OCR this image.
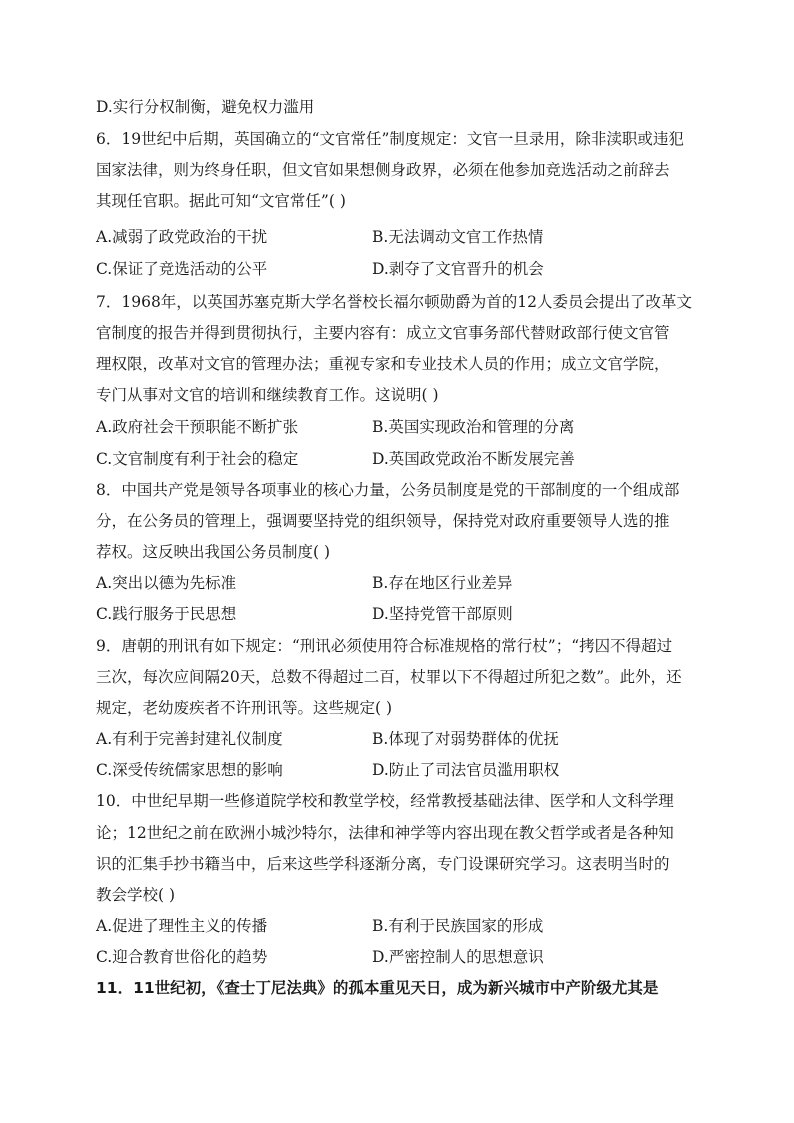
D.实行分权制衡，避免权力滥用
6．19世纪中后期，英国确立的“文官常任”制度规定：文官一旦录用，除非渎职或违犯
国家法律，则为终身任职，但文官如果想侧身政界，必须在他参加竞选活动之前辞去
其现任官职。据此可知“文官常任”( )
A.减弱了政党政治的干扰	B.无法调动文官工作热情
C.保证了竞选活动的公平	D.剥夺了文官晋升的机会
7．1968年，以英国苏塞克斯大学名誉校长福尔顿勋爵为首的12人委员会提出了改革文
官制度的报告并得到贯彻执行，主要内容有：成立文官事务部代替财政部行使文官管
理权限，改革对文官的管理办法；重视专家和专业技术人员的作用；成立文官学院，
专门从事对文官的培训和继续教育工作。这说明( )
A.政府社会干预职能不断扩张	B.英国实现政治和管理的分离
C.文官制度有利于社会的稳定	D.英国政党政治不断发展完善
8．中国共产党是领导各项事业的核心力量，公务员制度是党的干部制度的一个组成部
分，在公务员的管理上，强调要坚持党的组织领导，保持党对政府重要领导人选的推
荐权。这反映出我国公务员制度( )
A.突出以德为先标准	B.存在地区行业差异
C.践行服务于民思想	D.坚持党管干部原则
9．唐朝的刑讯有如下规定：“刑讯必须使用符合标准规格的常行杖”；“拷囚不得超过
三次，每次应间隔20天，总数不得超过二百，杖罪以下不得超过所犯之数”。此外，还
规定，老幼废疾者不许刑讯等。这些规定( )
A.有利于完善封建礼仪制度	B.体现了对弱势群体的优抚
C.深受传统儒家思想的影响	D.防止了司法官员滥用职权
10．中世纪早期一些修道院学校和教堂学校，经常教授基础法律、医学和人文科学理
论；12世纪之前在欧洲小城沙特尔，法律和神学等内容出现在教父哲学或者是各种知
识的汇集手抄书籍当中，后来这些学科逐渐分离，专门设课研究学习。这表明当时的
教会学校( )
A.促进了理性主义的传播	B.有利于民族国家的形成
C.迎合教育世俗化的趋势	D.严密控制人的思想意识
11．11世纪初，《查士丁尼法典》的孤本重见天日，成为新兴城市中产阶级尤其是
